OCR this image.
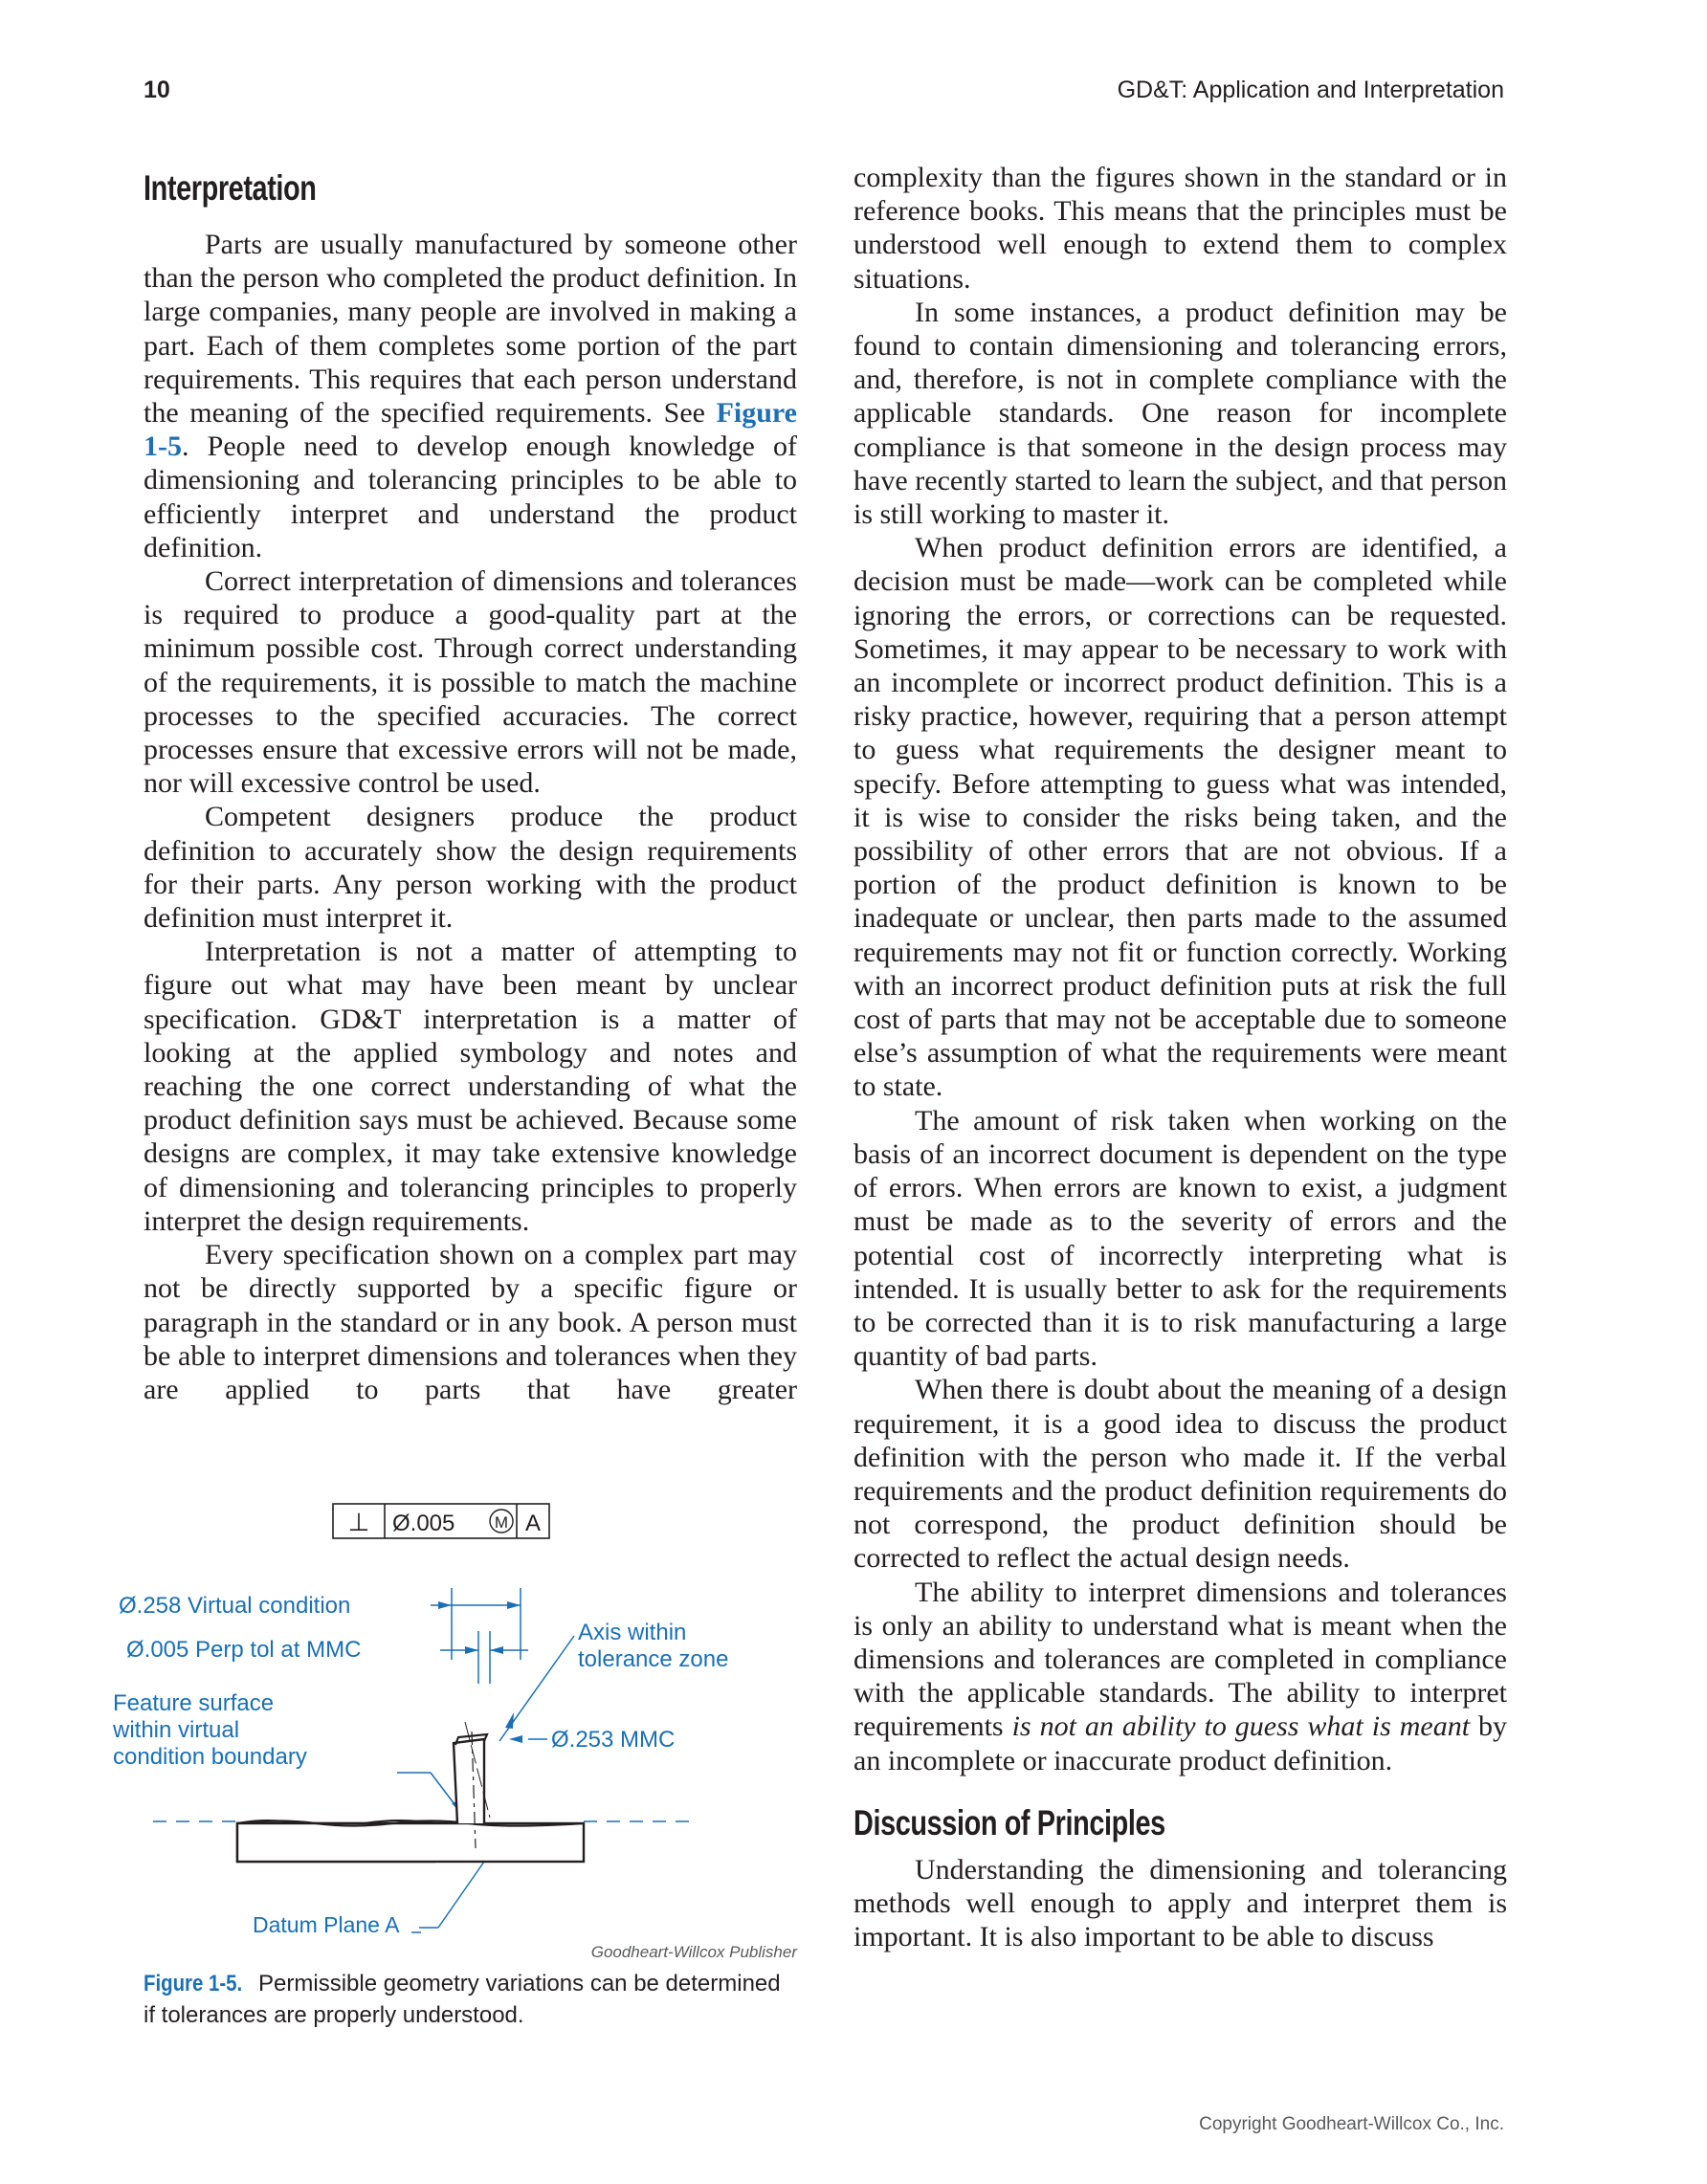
10	GD&T: Application and Interpretation
Interpretation

Parts are usually manufactured by someone other than the person who completed the product definition. In large companies, many people are involved in making a part. Each of them completes some portion of the part requirements. This requires that each person understand the meaning of the specified requirements. See Figure 1-5. People need to develop enough knowledge of dimensioning and tolerancing principles to be able to efficiently interpret and understand the product definition.

Correct interpretation of dimensions and tolerances is required to produce a good-quality part at the minimum possible cost. Through correct understanding of the requirements, it is possible to match the machine processes to the specified accuracies. The correct processes ensure that excessive errors will not be made, nor will excessive control be used.

Competent designers produce the product definition to accurately show the design requirements for their parts. Any person working with the product definition must interpret it.

Interpretation is not a matter of attempting to figure out what may have been meant by unclear specification. GD&T interpretation is a matter of looking at the applied symbology and notes and reaching the one correct understanding of what the product definition says must be achieved. Because some designs are complex, it may take extensive knowledge of dimensioning and tolerancing principles to properly interpret the design requirements.

Every specification shown on a complex part may not be directly supported by a specific figure or paragraph in the standard or in any book. A person must be able to interpret dimensions and tolerances when they are applied to parts that have greater

complexity than the figures shown in the standard or in reference books. This means that the principles must be understood well enough to extend them to complex situations.

In some instances, a product definition may be found to contain dimensioning and tolerancing errors, and, therefore, is not in complete compliance with the applicable standards. One reason for incomplete compliance is that someone in the design process may have recently started to learn the subject, and that person is still working to master it.

When product definition errors are identified, a decision must be made—work can be completed while ignoring the errors, or corrections can be requested. Sometimes, it may appear to be necessary to work with an incomplete or incorrect product definition. This is a risky practice, however, requiring that a person attempt to guess what requirements the designer meant to specify. Before attempting to guess what was intended, it is wise to consider the risks being taken, and the possibility of other errors that are not obvious. If a portion of the product definition is known to be inadequate or unclear, then parts made to the assumed requirements may not fit or function correctly. Working with an incorrect product definition puts at risk the full cost of parts that may not be acceptable due to someone else’s assumption of what the requirements were meant to state.

The amount of risk taken when working on the basis of an incorrect document is dependent on the type of errors. When errors are known to exist, a judgment must be made as to the severity of errors and the potential cost of incorrectly interpreting what is intended. It is usually better to ask for the requirements to be corrected than it is to risk manufacturing a large quantity of bad parts.

When there is doubt about the meaning of a design requirement, it is a good idea to discuss the product definition with the person who made it. If the verbal requirements and the product definition requirements do not correspond, the product definition should be corrected to reflect the actual design needs.

The ability to interpret dimensions and tolerances is only an ability to understand what is meant when the dimensions and tolerances are completed in compliance with the applicable standards. The ability to interpret requirements is not an ability to guess what is meant by an incomplete or inaccurate product definition.

Discussion of Principles

Understanding the dimensioning and tolerancing methods well enough to apply and interpret them is important. It is also important to be able to discuss

⊥ Ø.005 M A
Ø.258 Virtual condition
Ø.005 Perp tol at MMC
Axis within
tolerance zone
Feature surface
within virtual
condition boundary
Ø.253 MMC
Datum Plane A
Goodheart-Willcox Publisher
Figure 1-5. Permissible geometry variations can be determined if tolerances are properly understood.
Copyright Goodheart-Willcox Co., Inc.
